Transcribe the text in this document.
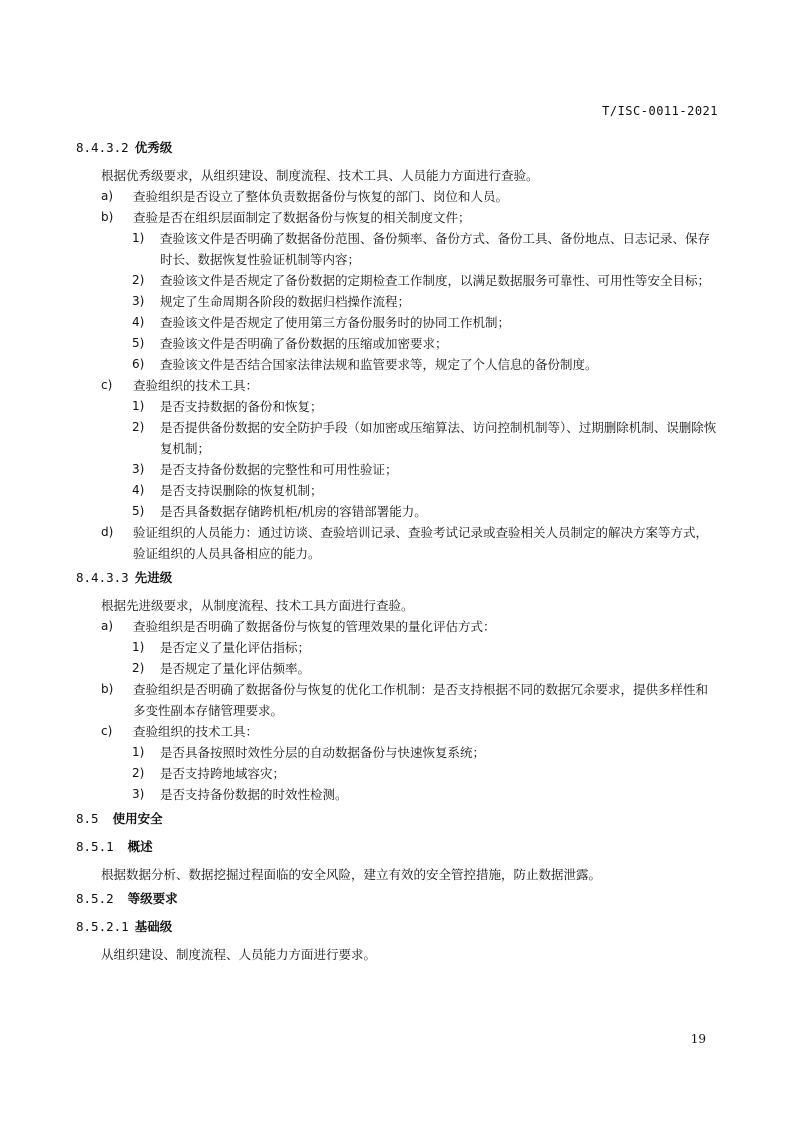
T/ISC-0011-2021
8.4.3.2 优秀级
根据优秀级要求，从组织建设、制度流程、技术工具、人员能力方面进行查验。
a) 查验组织是否设立了整体负责数据备份与恢复的部门、岗位和人员。
b) 查验是否在组织层面制定了数据备份与恢复的相关制度文件；
1) 查验该文件是否明确了数据备份范围、备份频率、备份方式、备份工具、备份地点、日志记录、保存时长、数据恢复性验证机制等内容；
2) 查验该文件是否规定了备份数据的定期检查工作制度，以满足数据服务可靠性、可用性等安全目标；
3) 规定了生命周期各阶段的数据归档操作流程；
4) 查验该文件是否规定了使用第三方备份服务时的协同工作机制；
5) 查验该文件是否明确了备份数据的压缩或加密要求；
6) 查验该文件是否结合国家法律法规和监管要求等，规定了个人信息的备份制度。
c) 查验组织的技术工具：
1) 是否支持数据的备份和恢复；
2) 是否提供备份数据的安全防护手段（如加密或压缩算法、访问控制机制等）、过期删除机制、误删除恢复机制；
3) 是否支持备份数据的完整性和可用性验证；
4) 是否支持误删除的恢复机制；
5) 是否具备数据存储跨机柜/机房的容错部署能力。
d) 验证组织的人员能力：通过访谈、查验培训记录、查验考试记录或查验相关人员制定的解决方案等方式，验证组织的人员具备相应的能力。
8.4.3.3 先进级
根据先进级要求，从制度流程、技术工具方面进行查验。
a) 查验组织是否明确了数据备份与恢复的管理效果的量化评估方式：
1) 是否定义了量化评估指标；
2) 是否规定了量化评估频率。
b) 查验组织是否明确了数据备份与恢复的优化工作机制：是否支持根据不同的数据冗余要求，提供多样性和多变性副本存储管理要求。
c) 查验组织的技术工具：
1) 是否具备按照时效性分层的自动数据备份与快速恢复系统；
2) 是否支持跨地域容灾；
3) 是否支持备份数据的时效性检测。
8.5 使用安全
8.5.1 概述
根据数据分析、数据挖掘过程面临的安全风险，建立有效的安全管控措施，防止数据泄露。
8.5.2 等级要求
8.5.2.1 基础级
从组织建设、制度流程、人员能力方面进行要求。
19
